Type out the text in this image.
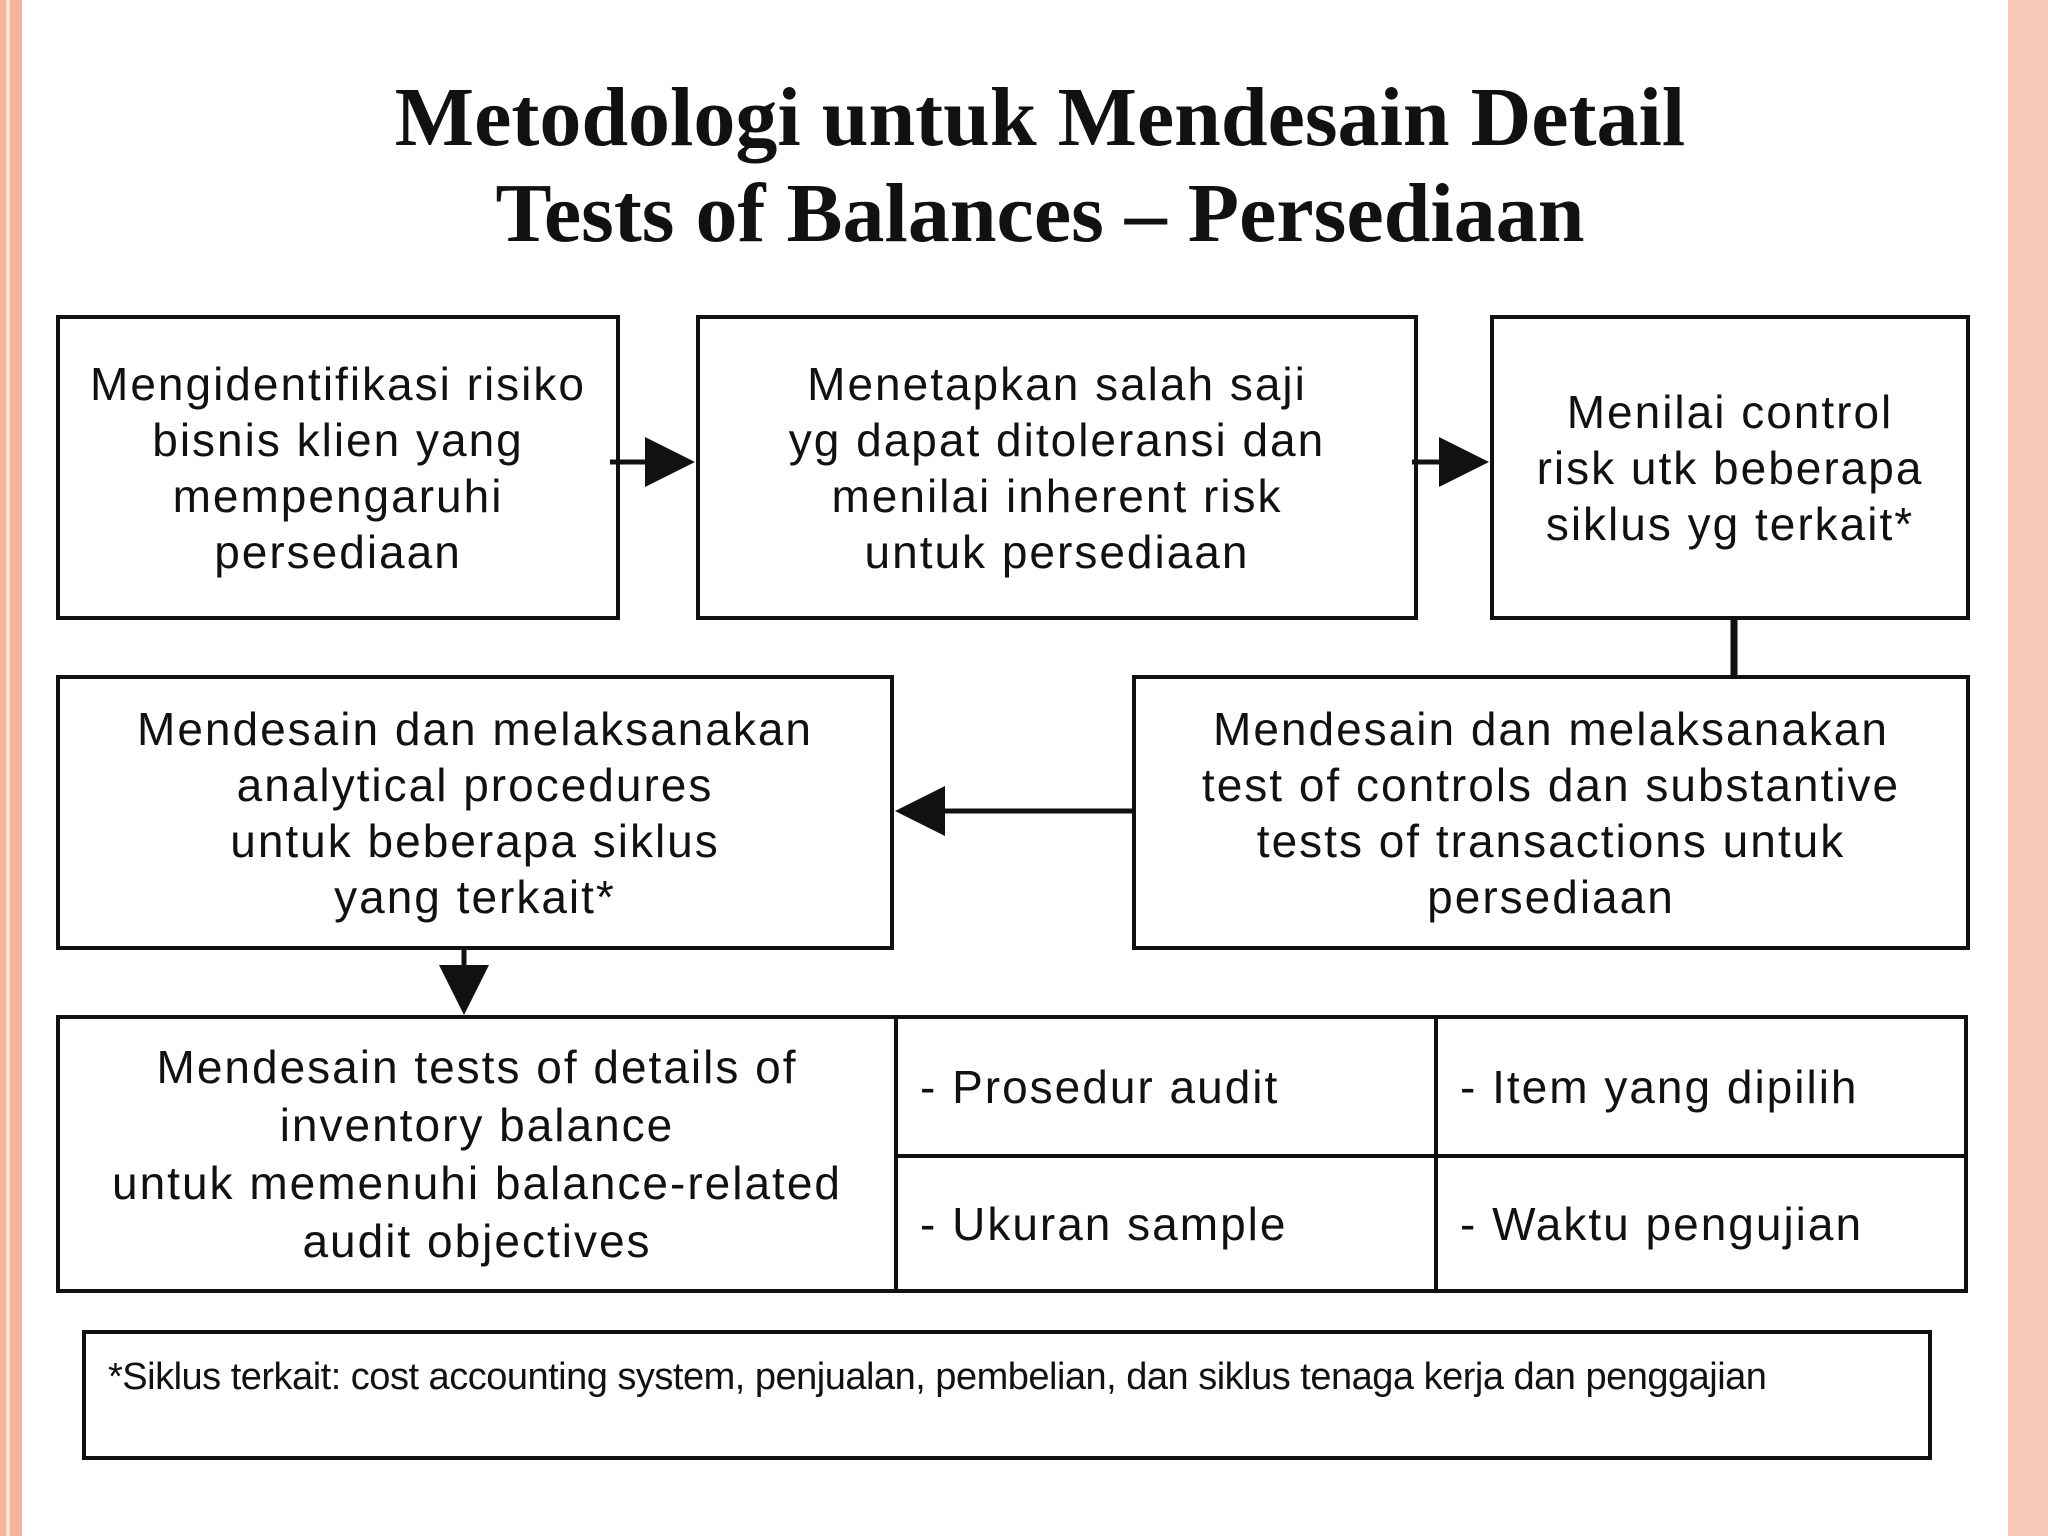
Metodologi untuk Mendesain Detail
Tests of Balances – Persediaan
Mengidentifikasi risiko
bisnis klien yang
mempengaruhi
persediaan
Menetapkan salah saji
yg dapat ditoleransi dan
menilai inherent risk
untuk persediaan
Menilai control
risk utk beberapa
siklus yg terkait*
Mendesain dan melaksanakan
analytical procedures
untuk beberapa siklus
yang terkait*
Mendesain dan melaksanakan
test of controls dan substantive
tests of transactions untuk
persediaan
Mendesain tests of details of
inventory balance
untuk memenuhi balance-related
audit objectives
- Prosedur audit	- Item yang dipilih
- Ukuran sample	- Waktu pengujian
*Siklus terkait: cost accounting system, penjualan, pembelian, dan siklus tenaga kerja dan penggajian
